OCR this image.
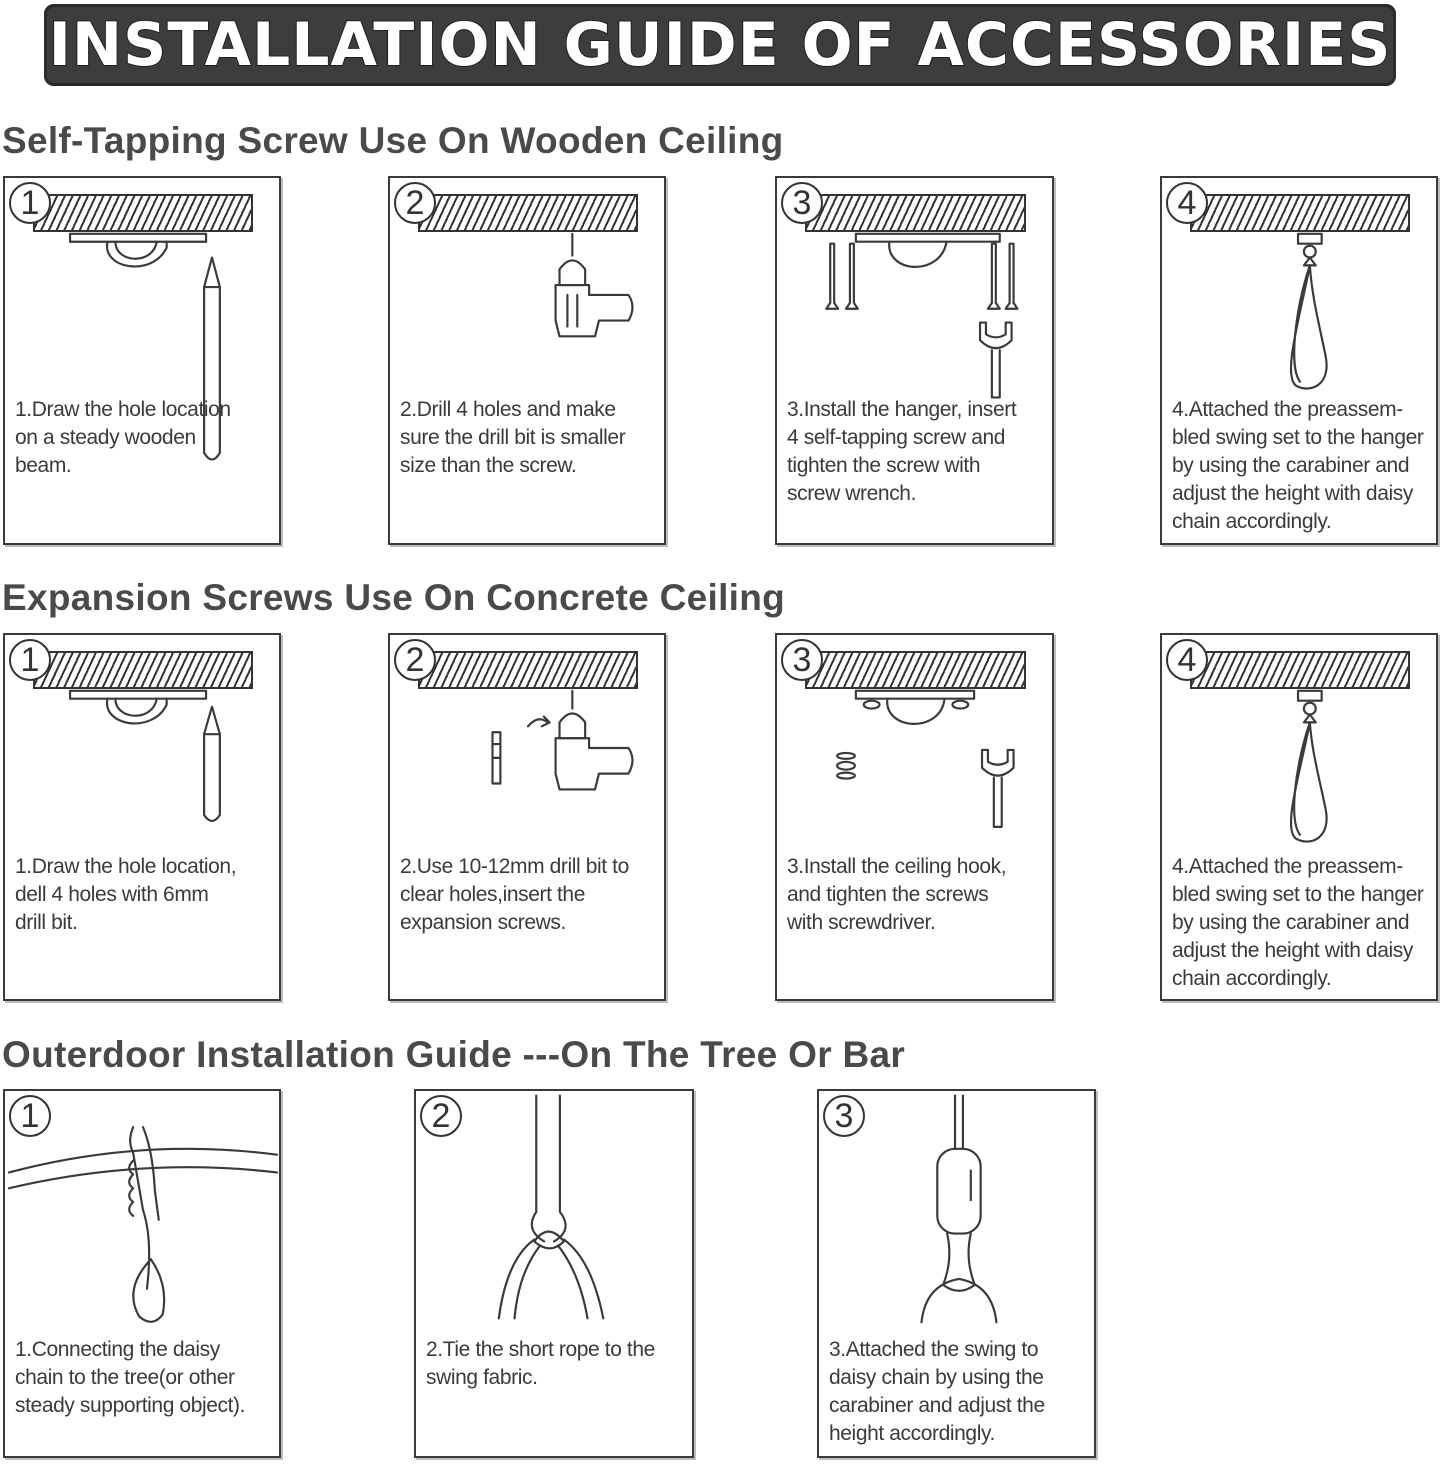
INSTALLATION GUIDE OF ACCESSORIES
Self-Tapping Screw Use On Wooden Ceiling
1
1.Draw the hole location
on a steady wooden
beam.
2
2.Drill 4 holes and make
sure the drill bit is smaller
size than the screw.
3
3.Install the hanger, insert
4 self-tapping screw and
tighten the screw with
screw wrench.
4
4.Attached the preassem-
bled swing set to the hanger
by using the carabiner and
adjust the height with daisy
chain accordingly.
Expansion Screws Use On Concrete Ceiling
1
1.Draw the hole location,
dell 4 holes with 6mm
drill bit.
2
2.Use 10-12mm drill bit to
clear holes,insert the
expansion screws.
3
3.Install the ceiling hook,
and tighten the screws
with screwdriver.
4
4.Attached the preassem-
bled swing set to the hanger
by using the carabiner and
adjust the height with daisy
chain accordingly.
Outerdoor Installation Guide ---On The Tree Or Bar
1
1.Connecting the daisy
chain to the tree(or other
steady supporting object).
2
2.Tie the short rope to the
swing fabric.
3
3.Attached the swing to
daisy chain by using the
carabiner and adjust the
height accordingly.
